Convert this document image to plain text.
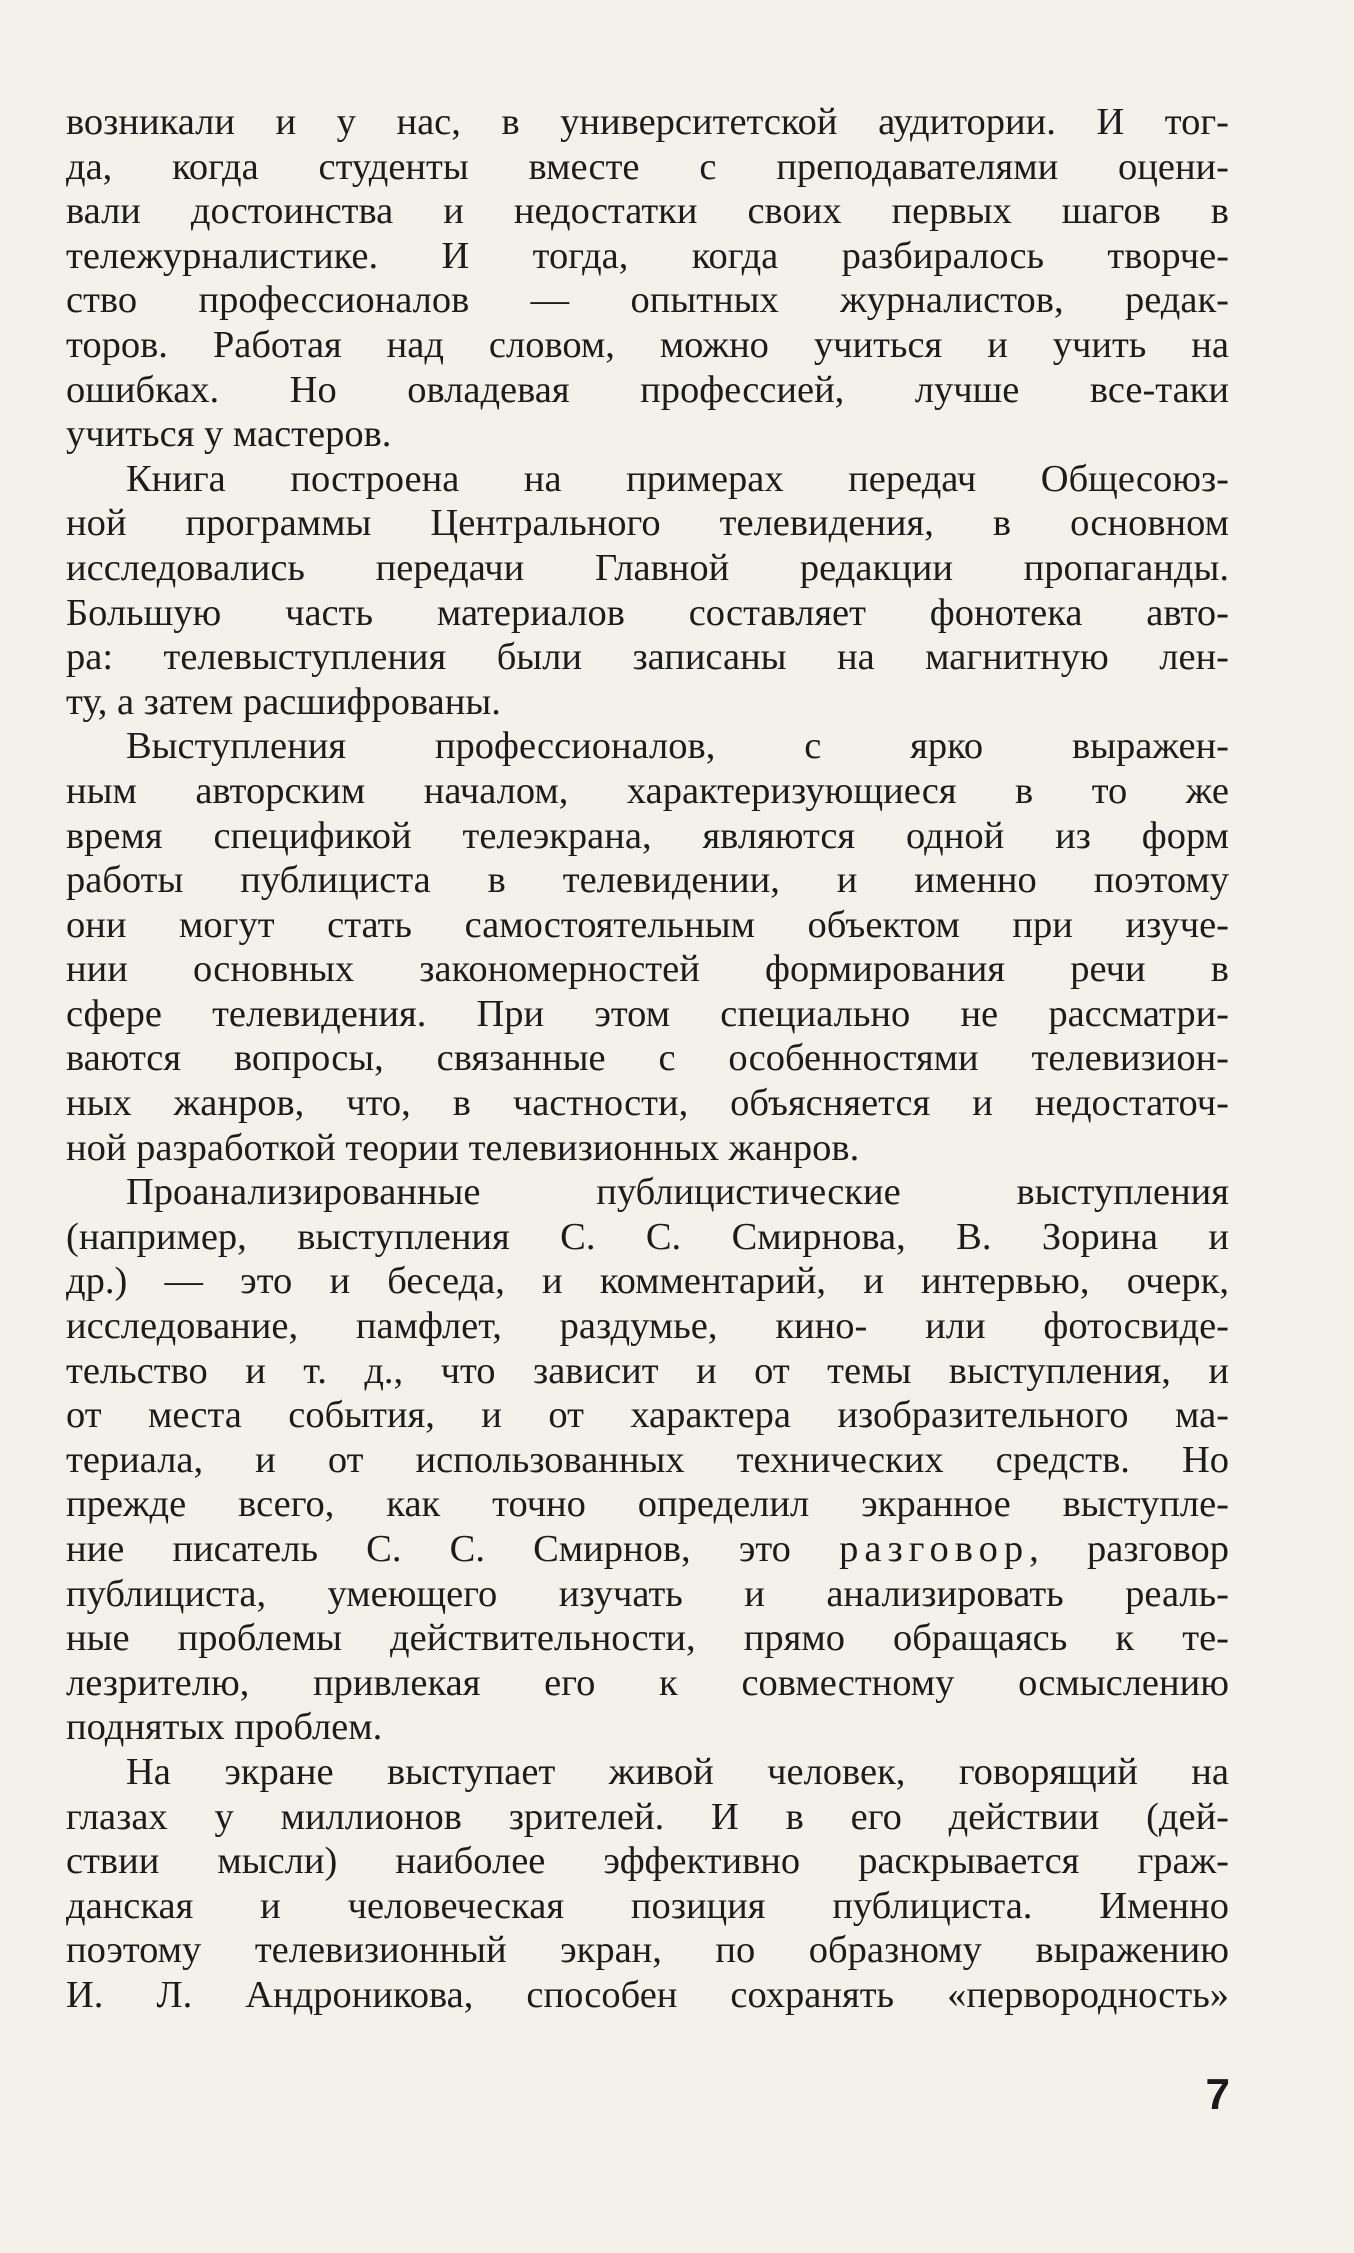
возникали и у нас, в университетской аудитории. И тог-
да, когда студенты вместе с преподавателями оцени-
вали достоинства и недостатки своих первых шагов в
тележурналистике. И тогда, когда разбиралось творче-
ство профессионалов — опытных журналистов, редак-
торов. Работая над словом, можно учиться и учить на
ошибках. Но овладевая профессией, лучше все-таки
учиться у мастеров.
Книга построена на примерах передач Общесоюз-
ной программы Центрального телевидения, в основном
исследовались передачи Главной редакции пропаганды.
Большую часть материалов составляет фонотека авто-
ра: телевыступления были записаны на магнитную лен-
ту, а затем расшифрованы.
Выступления профессионалов, с ярко выражен-
ным авторским началом, характеризующиеся в то же
время спецификой телеэкрана, являются одной из форм
работы публициста в телевидении, и именно поэтому
они могут стать самостоятельным объектом при изуче-
нии основных закономерностей формирования речи в
сфере телевидения. При этом специально не рассматри-
ваются вопросы, связанные с особенностями телевизион-
ных жанров, что, в частности, объясняется и недостаточ-
ной разработкой теории телевизионных жанров.
Проанализированные публицистические выступления
(например, выступления С. С. Смирнова, В. Зорина и
др.) — это и беседа, и комментарий, и интервью, очерк,
исследование, памфлет, раздумье, кино- или фотосвиде-
тельство и т. д., что зависит и от темы выступления, и
от места события, и от характера изобразительного ма-
териала, и от использованных технических средств. Но
прежде всего, как точно определил экранное выступле-
ние писатель С. С. Смирнов, это разговор, разговор
публициста, умеющего изучать и анализировать реаль-
ные проблемы действительности, прямо обращаясь к те-
лезрителю, привлекая его к совместному осмыслению
поднятых проблем.
На экране выступает живой человек, говорящий на
глазах у миллионов зрителей. И в его действии (дей-
ствии мысли) наиболее эффективно раскрывается граж-
данская и человеческая позиция публициста. Именно
поэтому телевизионный экран, по образному выражению
И. Л. Андроникова, способен сохранять «первородность»
7
